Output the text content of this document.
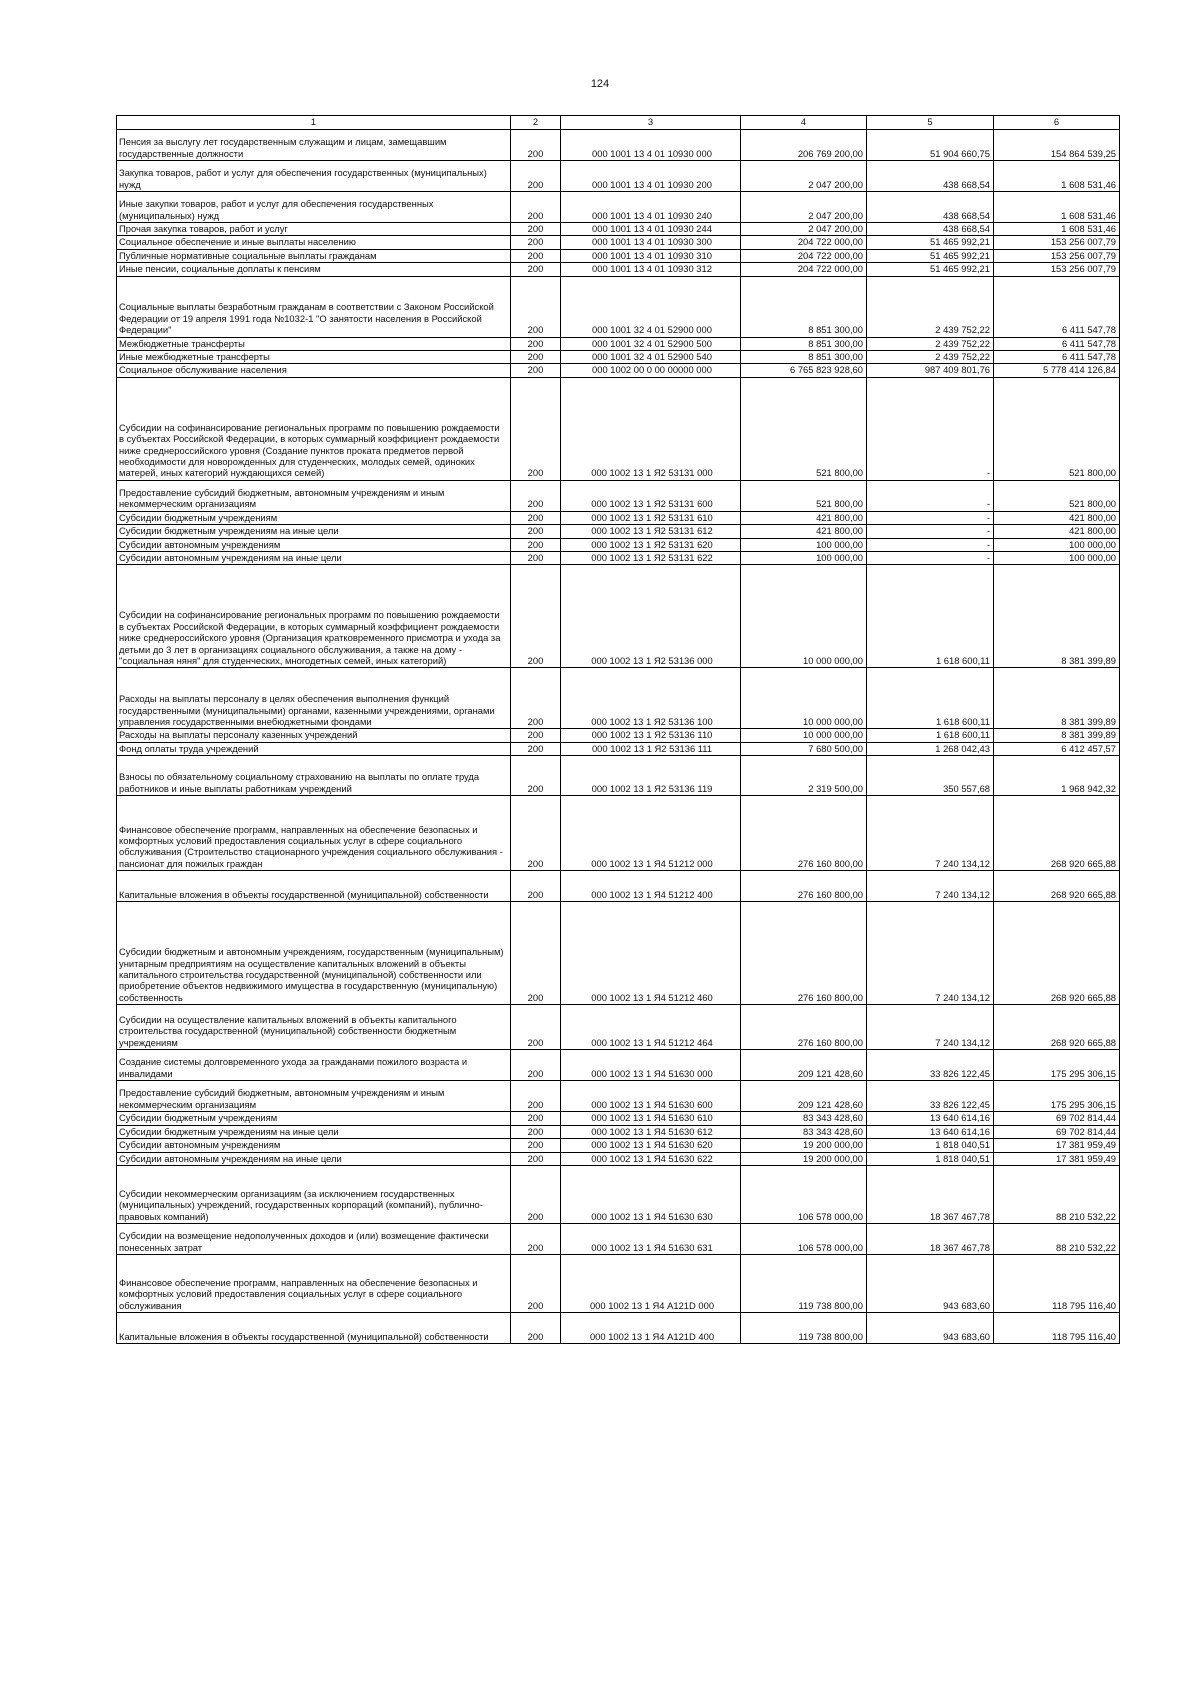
124
1	2	3	4	5	6
Пенсия за выслугу лет государственным служащим и лицам, замещавшим государственные должности	200	000 1001 13 4 01 10930 000	206 769 200,00	51 904 660,75	154 864 539,25
Закупка товаров, работ и услуг для обеспечения государственных (муниципальных) нужд	200	000 1001 13 4 01 10930 200	2 047 200,00	438 668,54	1 608 531,46
Иные закупки товаров, работ и услуг для обеспечения государственных (муниципальных) нужд	200	000 1001 13 4 01 10930 240	2 047 200,00	438 668,54	1 608 531,46
Прочая закупка товаров, работ и услуг	200	000 1001 13 4 01 10930 244	2 047 200,00	438 668,54	1 608 531,46
Социальное обеспечение и иные выплаты населению	200	000 1001 13 4 01 10930 300	204 722 000,00	51 465 992,21	153 256 007,79
Публичные нормативные социальные выплаты гражданам	200	000 1001 13 4 01 10930 310	204 722 000,00	51 465 992,21	153 256 007,79
Иные пенсии, социальные доплаты к пенсиям	200	000 1001 13 4 01 10930 312	204 722 000,00	51 465 992,21	153 256 007,79
Социальные выплаты безработным гражданам в соответствии с Законом Российской Федерации от 19 апреля 1991 года №1032-1 "О занятости населения в Российской Федерации"	200	000 1001 32 4 01 52900 000	8 851 300,00	2 439 752,22	6 411 547,78
Межбюджетные трансферты	200	000 1001 32 4 01 52900 500	8 851 300,00	2 439 752,22	6 411 547,78
Иные межбюджетные трансферты	200	000 1001 32 4 01 52900 540	8 851 300,00	2 439 752,22	6 411 547,78
Социальное обслуживание населения	200	000 1002 00 0 00 00000 000	6 765 823 928,60	987 409 801,76	5 778 414 126,84
Субсидии на софинансирование региональных программ по повышению рождаемости в субъектах Российской Федерации, в которых суммарный коэффициент рождаемости ниже среднероссийского уровня (Создание пунктов проката предметов первой необходимости для новорожденных для студенческих, молодых семей, одиноких матерей, иных категорий нуждающихся семей)	200	000 1002 13 1 Я2 53131 000	521 800,00	-	521 800,00
Предоставление субсидий бюджетным, автономным учреждениям и иным некоммерческим организациям	200	000 1002 13 1 Я2 53131 600	521 800,00	-	521 800,00
Субсидии бюджетным учреждениям	200	000 1002 13 1 Я2 53131 610	421 800,00	-	421 800,00
Субсидии бюджетным учреждениям на иные цели	200	000 1002 13 1 Я2 53131 612	421 800,00	-	421 800,00
Субсидии автономным учреждениям	200	000 1002 13 1 Я2 53131 620	100 000,00	-	100 000,00
Субсидии автономным учреждениям на иные цели	200	000 1002 13 1 Я2 53131 622	100 000,00	-	100 000,00
Субсидии на софинансирование региональных программ по повышению рождаемости в субъектах Российской Федерации, в которых суммарный коэффициент рождаемости ниже среднероссийского уровня (Организация кратковременного присмотра и ухода за детьми до 3 лет в организациях социального обслуживания, а также на дому - "социальная няня" для студенческих, многодетных семей, иных категорий)	200	000 1002 13 1 Я2 53136 000	10 000 000,00	1 618 600,11	8 381 399,89
Расходы на выплаты персоналу в целях обеспечения выполнения функций государственными (муниципальными) органами, казенными учреждениями, органами управления государственными внебюджетными фондами	200	000 1002 13 1 Я2 53136 100	10 000 000,00	1 618 600,11	8 381 399,89
Расходы на выплаты персоналу казенных учреждений	200	000 1002 13 1 Я2 53136 110	10 000 000,00	1 618 600,11	8 381 399,89
Фонд оплаты труда учреждений	200	000 1002 13 1 Я2 53136 111	7 680 500,00	1 268 042,43	6 412 457,57
Взносы по обязательному социальному страхованию на выплаты по оплате труда работников и иные выплаты работникам учреждений	200	000 1002 13 1 Я2 53136 119	2 319 500,00	350 557,68	1 968 942,32
Финансовое обеспечение программ, направленных на обеспечение безопасных и комфортных условий предоставления социальных услуг в сфере социального обслуживания (Строительство стационарного учреждения социального обслуживания - пансионат для пожилых граждан	200	000 1002 13 1 Я4 51212 000	276 160 800,00	7 240 134,12	268 920 665,88
Капитальные вложения в объекты государственной (муниципальной) собственности	200	000 1002 13 1 Я4 51212 400	276 160 800,00	7 240 134,12	268 920 665,88
Субсидии бюджетным и автономным учреждениям, государственным (муниципальным) унитарным предприятиям на осуществление капитальных вложений в объекты капитального строительства государственной (муниципальной) собственности или приобретение объектов недвижимого имущества в государственную (муниципальную) собственность	200	000 1002 13 1 Я4 51212 460	276 160 800,00	7 240 134,12	268 920 665,88
Субсидии на осуществление капитальных вложений в объекты капитального строительства государственной (муниципальной) собственности бюджетным учреждениям	200	000 1002 13 1 Я4 51212 464	276 160 800,00	7 240 134,12	268 920 665,88
Создание системы долговременного ухода за гражданами пожилого возраста и инвалидами	200	000 1002 13 1 Я4 51630 000	209 121 428,60	33 826 122,45	175 295 306,15
Предоставление субсидий бюджетным, автономным учреждениям и иным некоммерческим организациям	200	000 1002 13 1 Я4 51630 600	209 121 428,60	33 826 122,45	175 295 306,15
Субсидии бюджетным учреждениям	200	000 1002 13 1 Я4 51630 610	83 343 428,60	13 640 614,16	69 702 814,44
Субсидии бюджетным учреждениям на иные цели	200	000 1002 13 1 Я4 51630 612	83 343 428,60	13 640 614,16	69 702 814,44
Субсидии автономным учреждениям	200	000 1002 13 1 Я4 51630 620	19 200 000,00	1 818 040,51	17 381 959,49
Субсидии автономным учреждениям на иные цели	200	000 1002 13 1 Я4 51630 622	19 200 000,00	1 818 040,51	17 381 959,49
Субсидии некоммерческим организациям (за исключением государственных (муниципальных) учреждений, государственных корпораций (компаний), публично-правовых компаний)	200	000 1002 13 1 Я4 51630 630	106 578 000,00	18 367 467,78	88 210 532,22
Субсидии на возмещение недополученных доходов и (или) возмещение фактически понесенных затрат	200	000 1002 13 1 Я4 51630 631	106 578 000,00	18 367 467,78	88 210 532,22
Финансовое обеспечение программ, направленных на обеспечение безопасных и комфортных условий предоставления социальных услуг в сфере социального обслуживания	200	000 1002 13 1 Я4 А121D 000	119 738 800,00	943 683,60	118 795 116,40
Капитальные вложения в объекты государственной (муниципальной) собственности	200	000 1002 13 1 Я4 А121D 400	119 738 800,00	943 683,60	118 795 116,40
